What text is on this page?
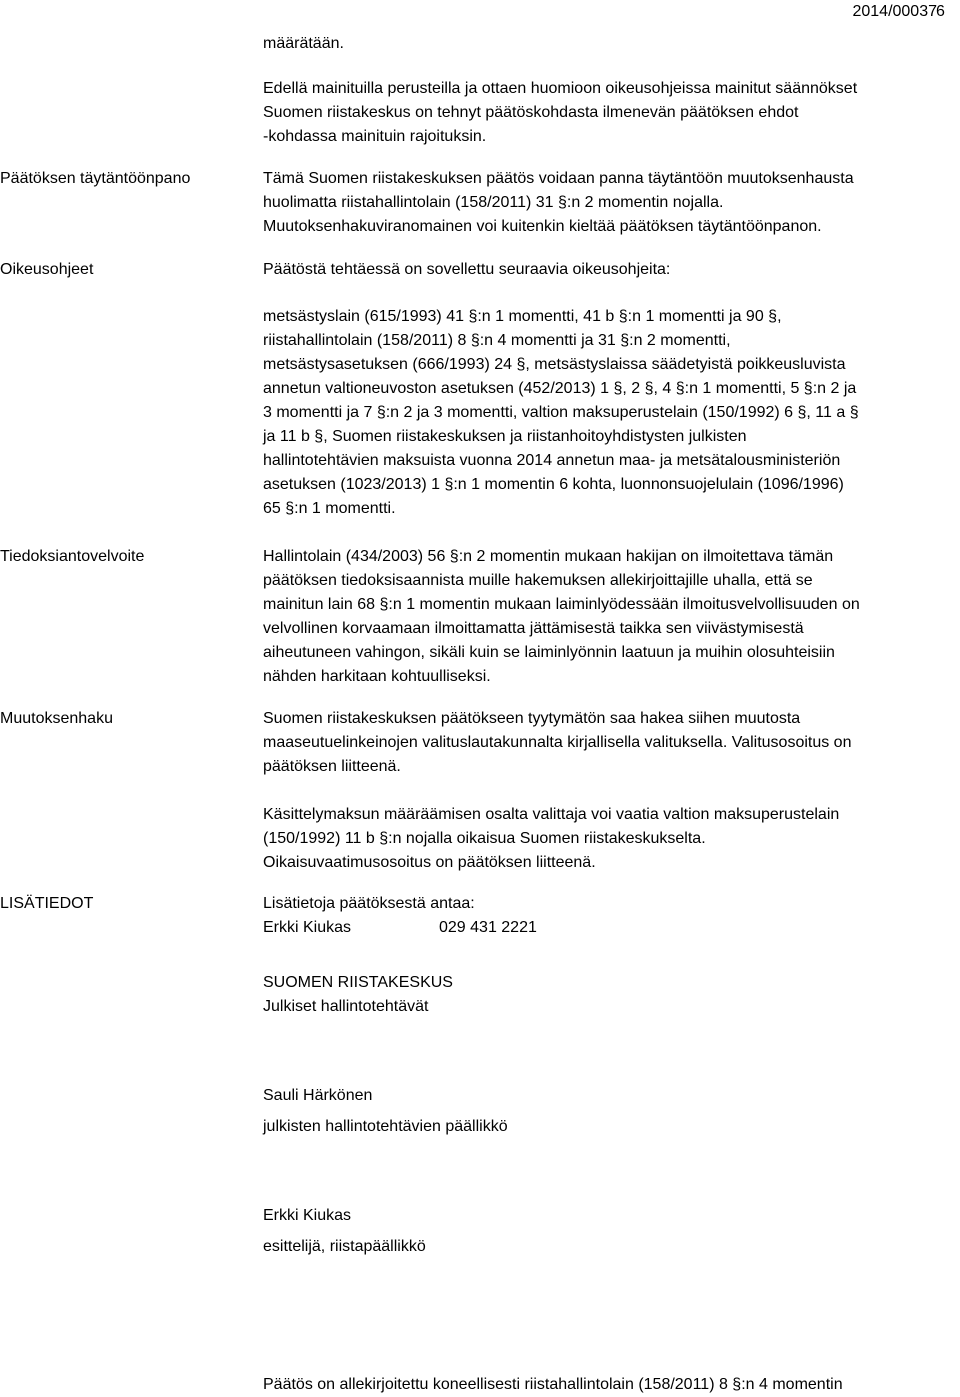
2014/00037 6

määrätään.

Edellä mainituilla perusteilla ja ottaen huomioon oikeusohjeissa mainitut säännökset

Suomen riistakeskus on tehnyt päätöskohdasta ilmenevän päätöksen ehdot

-kohdassa mainituin rajoituksin.

Päätöksen täytäntöönpano	Tämä Suomen riistakeskuksen päätös voidaan panna täytäntöön muutoksenhausta

huolimatta riistahallintolain (158/2011) 31 §:n 2 momentin nojalla.

Muutoksenhakuviranomainen voi kuitenkin kieltää päätöksen täytäntöönpanon.

Oikeusohjeet	Päätöstä tehtäessä on sovellettu seuraavia oikeusohjeita:

metsästyslain (615/1993) 41 §:n 1 momentti, 41 b §:n 1 momentti ja 90 §,

riistahallintolain (158/2011) 8 §:n 4 momentti ja 31 §:n 2 momentti,

metsästysasetuksen (666/1993) 24 §, metsästyslaissa säädetyistä poikkeusluvista

annetun valtioneuvoston asetuksen (452/2013) 1 §, 2 §, 4 §:n 1 momentti, 5 §:n 2 ja

3 momentti ja 7 §:n 2 ja 3 momentti, valtion maksuperustelain (150/1992) 6 §, 11 a §

ja 11 b §, Suomen riistakeskuksen ja riistanhoitoyhdistysten julkisten

hallintotehtävien maksuista vuonna 2014 annetun maa- ja metsätalousministeriön

asetuksen (1023/2013) 1 §:n 1 momentin 6 kohta, luonnonsuojelulain (1096/1996)

65 §:n 1 momentti.

Tiedoksiantovelvoite	Hallintolain (434/2003) 56 §:n 2 momentin mukaan hakijan on ilmoitettava tämän

päätöksen tiedoksisaannista muille hakemuksen allekirjoittajille uhalla, että se

mainitun lain 68 §:n 1 momentin mukaan laiminlyödessään ilmoitusvelvollisuuden on

velvollinen korvaamaan ilmoittamatta jättämisestä taikka sen viivästymisestä

aiheutuneen vahingon, sikäli kuin se laiminlyönnin laatuun ja muihin olosuhteisiin

nähden harkitaan kohtuulliseksi.

Muutoksenhaku	Suomen riistakeskuksen päätökseen tyytymätön saa hakea siihen muutosta

maaseutuelinkeinojen valituslautakunnalta kirjallisella valituksella. Valitusosoitus on

päätöksen liitteenä.

Käsittelymaksun määräämisen osalta valittaja voi vaatia valtion maksuperustelain

(150/1992) 11 b §:n nojalla oikaisua Suomen riistakeskukselta.

Oikaisuvaatimusosoitus on päätöksen liitteenä.

LISÄTIEDOT	Lisätietoja päätöksestä antaa:

Erkki Kiukas	029 431 2221

SUOMEN RIISTAKESKUS

Julkiset hallintotehtävät

Sauli Härkönen

julkisten hallintotehtävien päällikkö

Erkki Kiukas

esittelijä, riistapäällikkö

Päätös on allekirjoitettu koneellisesti riistahallintolain (158/2011) 8 §:n 4 momentin
